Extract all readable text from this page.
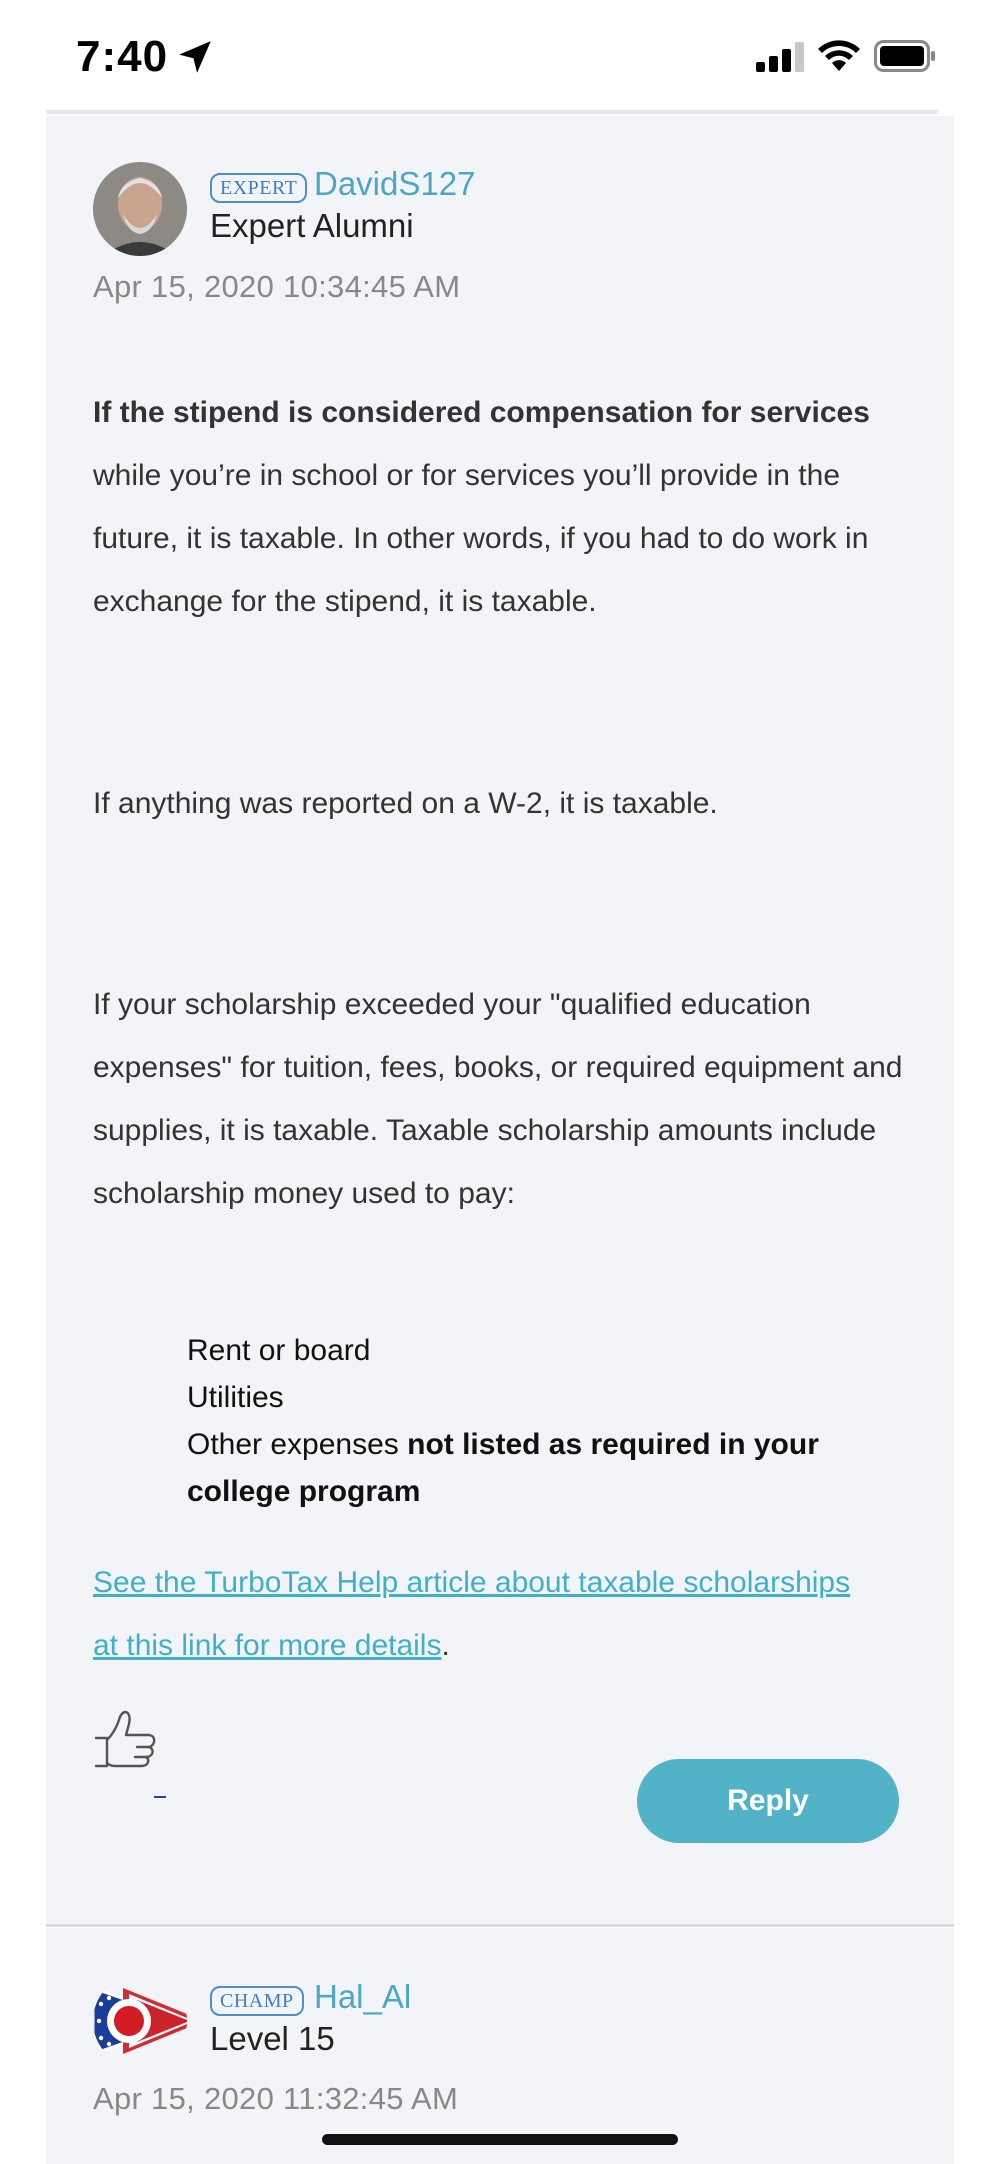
7:40
EXPERT DavidS127
Expert Alumni
Apr 15, 2020 10:34:45 AM
If the stipend is considered compensation for services while you’re in school or for services you’ll provide in the future, it is taxable. In other words, if you had to do work in exchange for the stipend, it is taxable.
If anything was reported on a W-2, it is taxable.
If your scholarship exceeded your "qualified education expenses" for tuition, fees, books, or required equipment and supplies, it is taxable. Taxable scholarship amounts include scholarship money used to pay:
Rent or board
Utilities
Other expenses not listed as required in your college program
See the TurboTax Help article about taxable scholarships at this link for more details.
Reply
CHAMP Hal_Al
Level 15
Apr 15, 2020 11:32:45 AM
